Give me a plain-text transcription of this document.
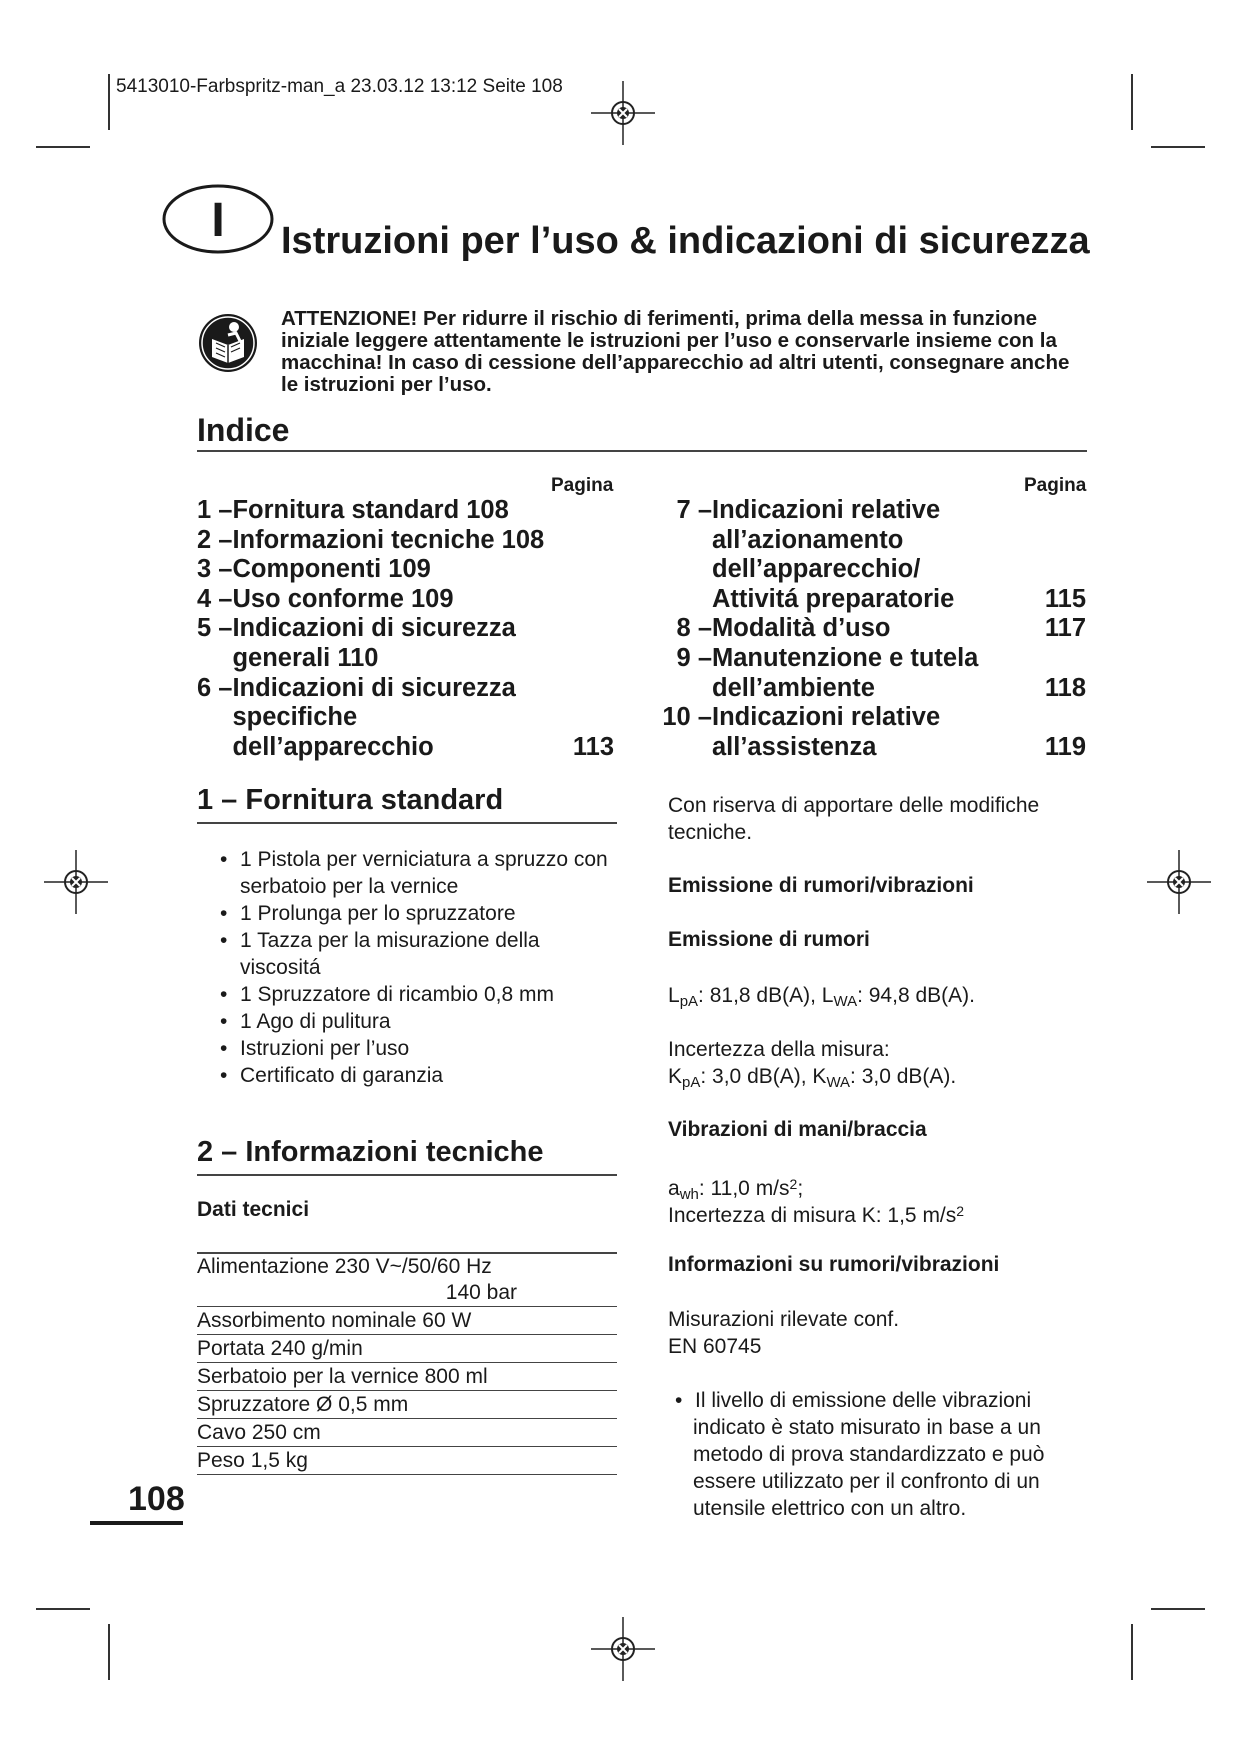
5413010-Farbspritz-man_a 23.03.12 13:12 Seite 108
I Istruzioni per l’uso & indicazioni di sicurezza
ATTENZIONE! Per ridurre il rischio di ferimenti, prima della messa in funzione iniziale leggere attentamente le istruzioni per l’uso e conservarle insieme con la macchina! In caso di cessione dell’apparecchio ad altri utenti, consegnare anche le istruzioni per l’uso.
Indice
Pagina	Pagina
1 – Fornitura standard 108
2 – Informazioni tecniche 108
3 – Componenti 109
4 – Uso conforme 109
5 – Indicazioni di sicurezza generali 110
6 – Indicazioni di sicurezza specifiche dell’apparecchio	113
7 – Indicazioni relative all’azionamento dell’apparecchio/ Attivitá preparatorie	115
8 – Modalità d’uso	117
9 – Manutenzione e tutela dell’ambiente	118
10 – Indicazioni relative all’assistenza	119
1 – Fornitura standard
• 1 Pistola per verniciatura a spruzzo con serbatoio per la vernice
• 1 Prolunga per lo spruzzatore
• 1 Tazza per la misurazione della viscositá
• 1 Spruzzatore di ricambio 0,8 mm
• 1 Ago di pulitura
• Istruzioni per l’uso
• Certificato di garanzia
2 – Informazioni tecniche
Dati tecnici
Alimentazione 230 V~/50/60 Hz
140 bar
Assorbimento nominale 60 W
Portata 240 g/min
Serbatoio per la vernice 800 ml
Spruzzatore Ø 0,5 mm
Cavo 250 cm
Peso 1,5 kg
Con riserva di apportare delle modifiche tecniche.
Emissione di rumori/vibrazioni
Emissione di rumori
$L_{pA}$: 81,8 dB(A), $L_{WA}$: 94,8 dB(A).
Incertezza della misura:
$K_{pA}$: 3,0 dB(A), $K_{WA}$: 3,0 dB(A).
Vibrazioni di mani/braccia
$a_{wh}$: 11,0 $m/s^2$;
Incertezza di misura K: 1,5 $m/s^2$
Informazioni su rumori/vibrazioni
Misurazioni rilevate conf.
EN 60745
• Il livello di emissione delle vibrazioni indicato è stato misurato in base a un metodo di prova standardizzato e può essere utilizzato per il confronto di un utensile elettrico con un altro.
108
